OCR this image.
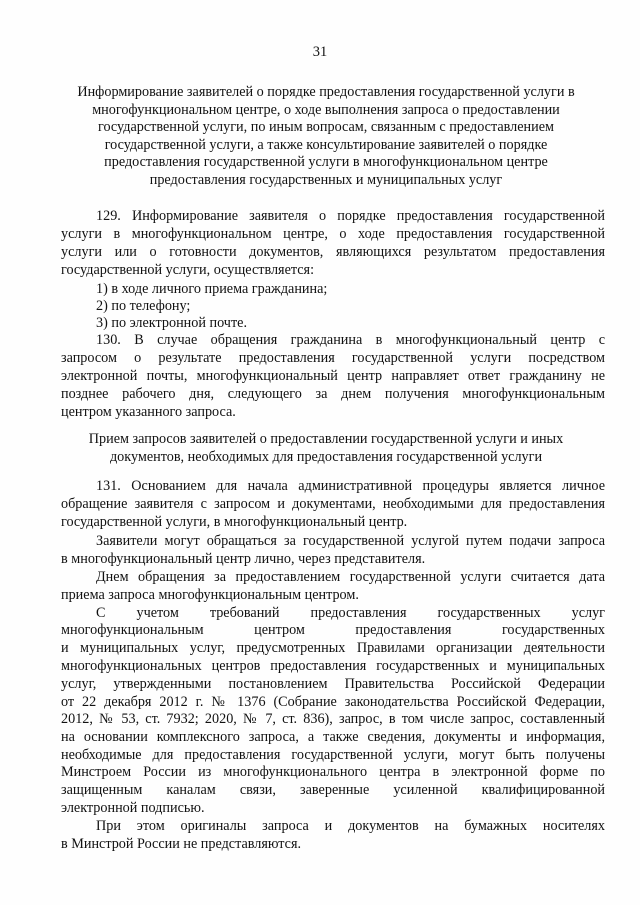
31
Информирование заявителей о порядке предоставления государственной услуги в
многофункциональном центре, о ходе выполнения запроса о предоставлении
государственной услуги, по иным вопросам, связанным с предоставлением
государственной услуги, а также консультирование заявителей о порядке
предоставления государственной услуги в многофункциональном центре
предоставления государственных и муниципальных услуг
Прием запросов заявителей о предоставлении государственной услуги и иных
документов, необходимых для предоставления государственной услуги
129. Информирование заявителя о порядке предоставления государственной
услуги в многофункциональном центре, о ходе предоставления государственной
услуги или о готовности документов, являющихся результатом предоставления
государственной услуги, осуществляется:
1) в ходе личного приема гражданина;
2) по телефону;
3) по электронной почте.
130. В случае обращения гражданина в многофункциональный центр с
запросом о результате предоставления государственной услуги посредством
электронной почты, многофункциональный центр направляет ответ гражданину не
позднее рабочего дня, следующего за днем получения многофункциональным
центром указанного запроса.
131. Основанием для начала административной процедуры является личное
обращение заявителя с запросом и документами, необходимыми для предоставления
государственной услуги, в многофункциональный центр.
Заявители могут обращаться за государственной услугой путем подачи запроса
в многофункциональный центр лично, через представителя.
Днем обращения за предоставлением государственной услуги считается дата
приема запроса многофункциональным центром.
С учетом требований предоставления государственных услуг
многофункциональным центром предоставления государственных
и муниципальных услуг, предусмотренных Правилами организации деятельности
многофункциональных центров предоставления государственных и муниципальных
услуг, утвержденными постановлением Правительства Российской Федерации
от 22 декабря 2012 г. № 1376 (Собрание законодательства Российской Федерации,
2012, № 53, ст. 7932; 2020, № 7, ст. 836), запрос, в том числе запрос, составленный
на основании комплексного запроса, а также сведения, документы и информация,
необходимые для предоставления государственной услуги, могут быть получены
Минстроем России из многофункционального центра в электронной форме по
защищенным каналам связи, заверенные усиленной квалифицированной
электронной подписью.
При этом оригиналы запроса и документов на бумажных носителях
в Минстрой России не представляются.
